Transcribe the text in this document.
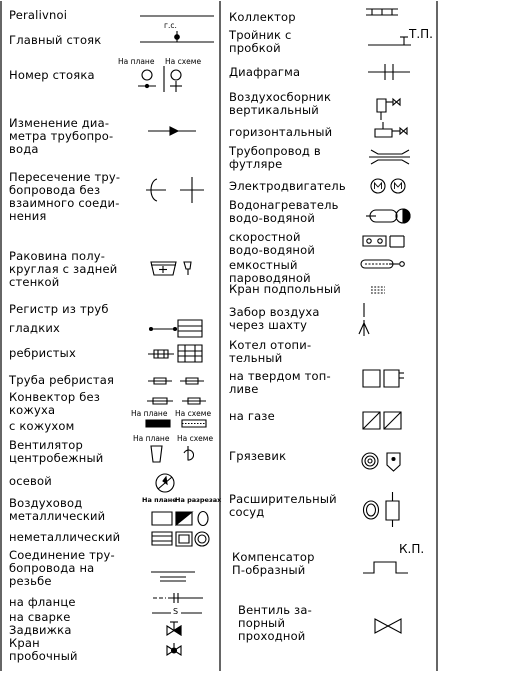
Peralivnoi
Главный стояк
Номер стояка
Изменение диа-
метра трубопро-
вода
Пересечение тру-
бопровода без
взаимного соеди-
нения
Раковина полу-
круглая с задней
стенкой
Регистр из труб
гладких
ребристых
Труба ребристая
Конвектор без
кожуха
с кожухом
Вентилятор
центробежный
осевой
Воздуховод
металлический
неметаллический
Соединение тру-
бопровода на
резьбе
на фланце
на сварке
Задвижка
Кран
пробочный
Коллектор
Тройник с
пробкой
Диафрагма
Воздухосборник
вертикальный
горизонтальный
Трубопровод в
футляре
Электродвигатель
Водонагреватель
водо-водяной
скоростной
водо-водяной
емкостный
пароводяной
Кран подпольный
Забор воздуха
через шахту
Котел отопи-
тельный
на твердом топ-
ливе
на газе
Грязевик
Расширительный
сосуд
Компенсатор
П-образный
Вентиль за-
порный
проходной
г.с.
На плане На схеме
На плане На схеме
На плане На схеме
На плане
На разрезах
Т.П.
К.П.
S
